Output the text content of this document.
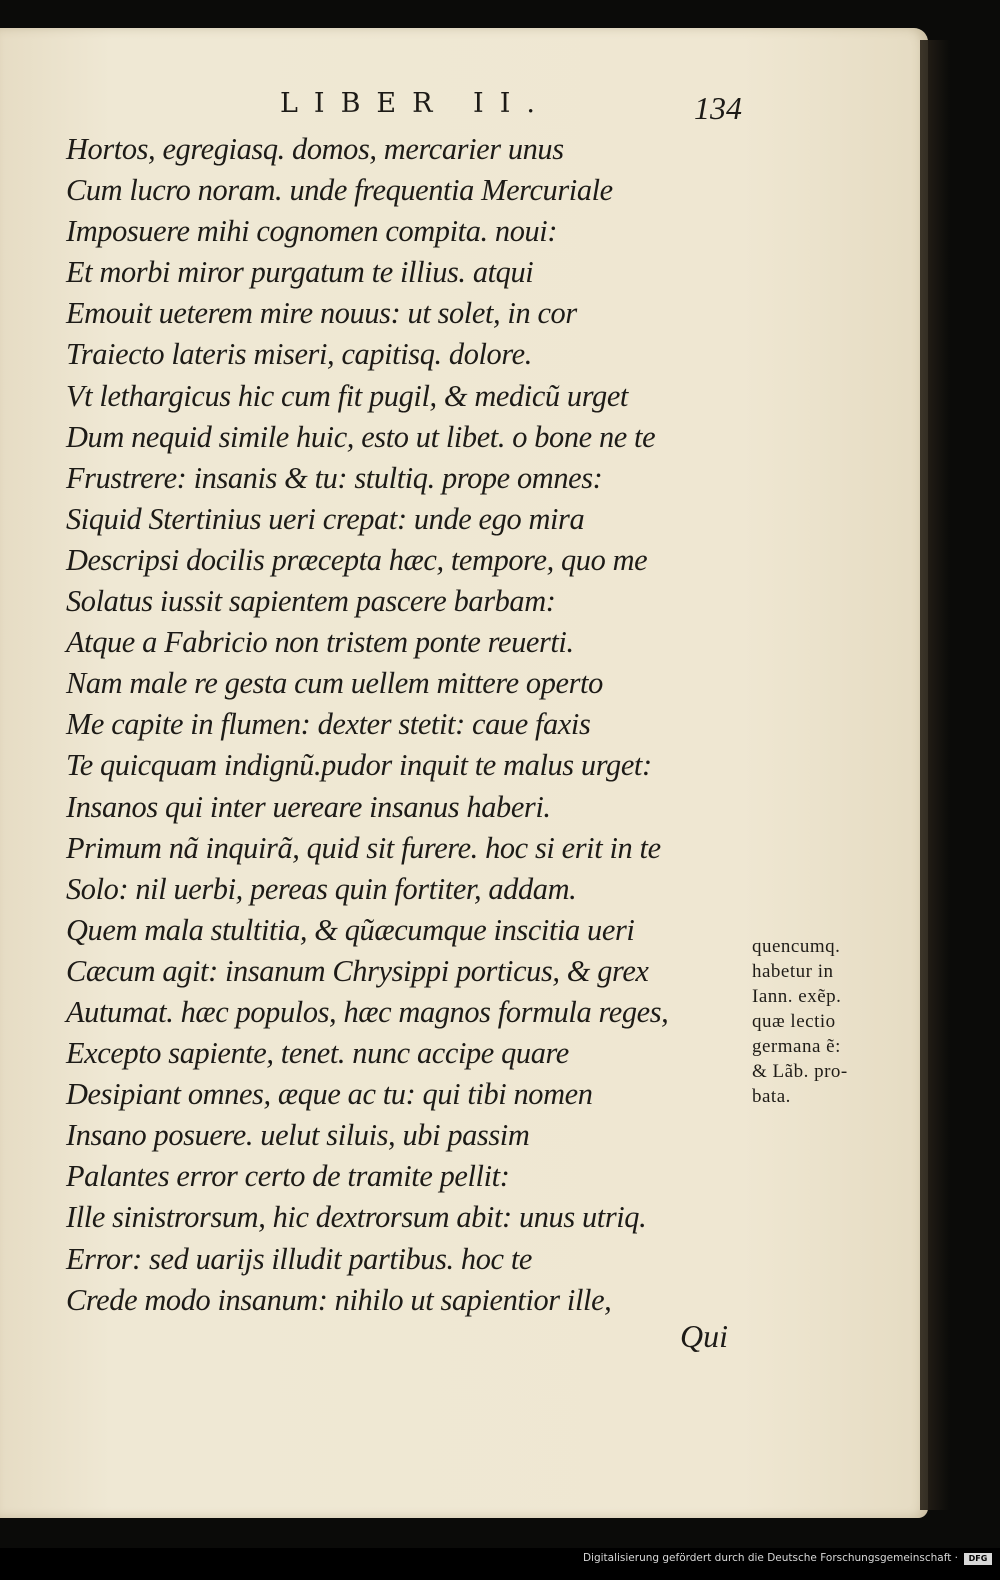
LIBER II.	134
Hortos, egregiasq. domos, mercarier unus
Cum lucro noram. unde frequentia Mercuriale
Imposuere mihi cognomen compita. noui:
Et morbi miror purgatum te illius. atqui
Emouit ueterem mire nouus: ut solet, in cor
Traiecto lateris miseri, capitisq. dolore.
Vt lethargicus hic cum fit pugil, & medicũ urget
Dum nequid simile huic, esto ut libet. o bone ne te
Frustrere: insanis & tu: stultiq. prope omnes:
Siquid Stertinius ueri crepat: unde ego mira
Descripsi docilis præcepta hæc, tempore, quo me
Solatus iussit sapientem pascere barbam:
Atque a Fabricio non tristem ponte reuerti.
Nam male re gesta cum uellem mittere operto
Me capite in flumen: dexter stetit: caue faxis
Te quicquam indignũ.pudor inquit te malus urget:
Insanos qui inter uereare insanus haberi.
Primum nã inquirã, quid sit furere. hoc si erit in te
Solo: nil uerbi, pereas quin fortiter, addam.
Quem mala stultitia, & qũæcumque inscitia ueri
Cæcum agit: insanum Chrysippi porticus, & grex
Autumat. hæc populos, hæc magnos formula reges,
Excepto sapiente, tenet. nunc accipe quare
Desipiant omnes, æque ac tu: qui tibi nomen
Insano posuere. uelut siluis, ubi passim
Palantes error certo de tramite pellit:
Ille sinistrorsum, hic dextrorsum abit: unus utriq.
Error: sed uarijs illudit partibus. hoc te
Crede modo insanum: nihilo ut sapientior ille,
Qui
quencumq.
habetur in
Iann. exẽp.
quæ lectio
germana ẽ:
& Lãb. pro-
bata.
Digitalisierung gefördert durch die Deutsche Forschungsgemeinschaft ·	DFG
